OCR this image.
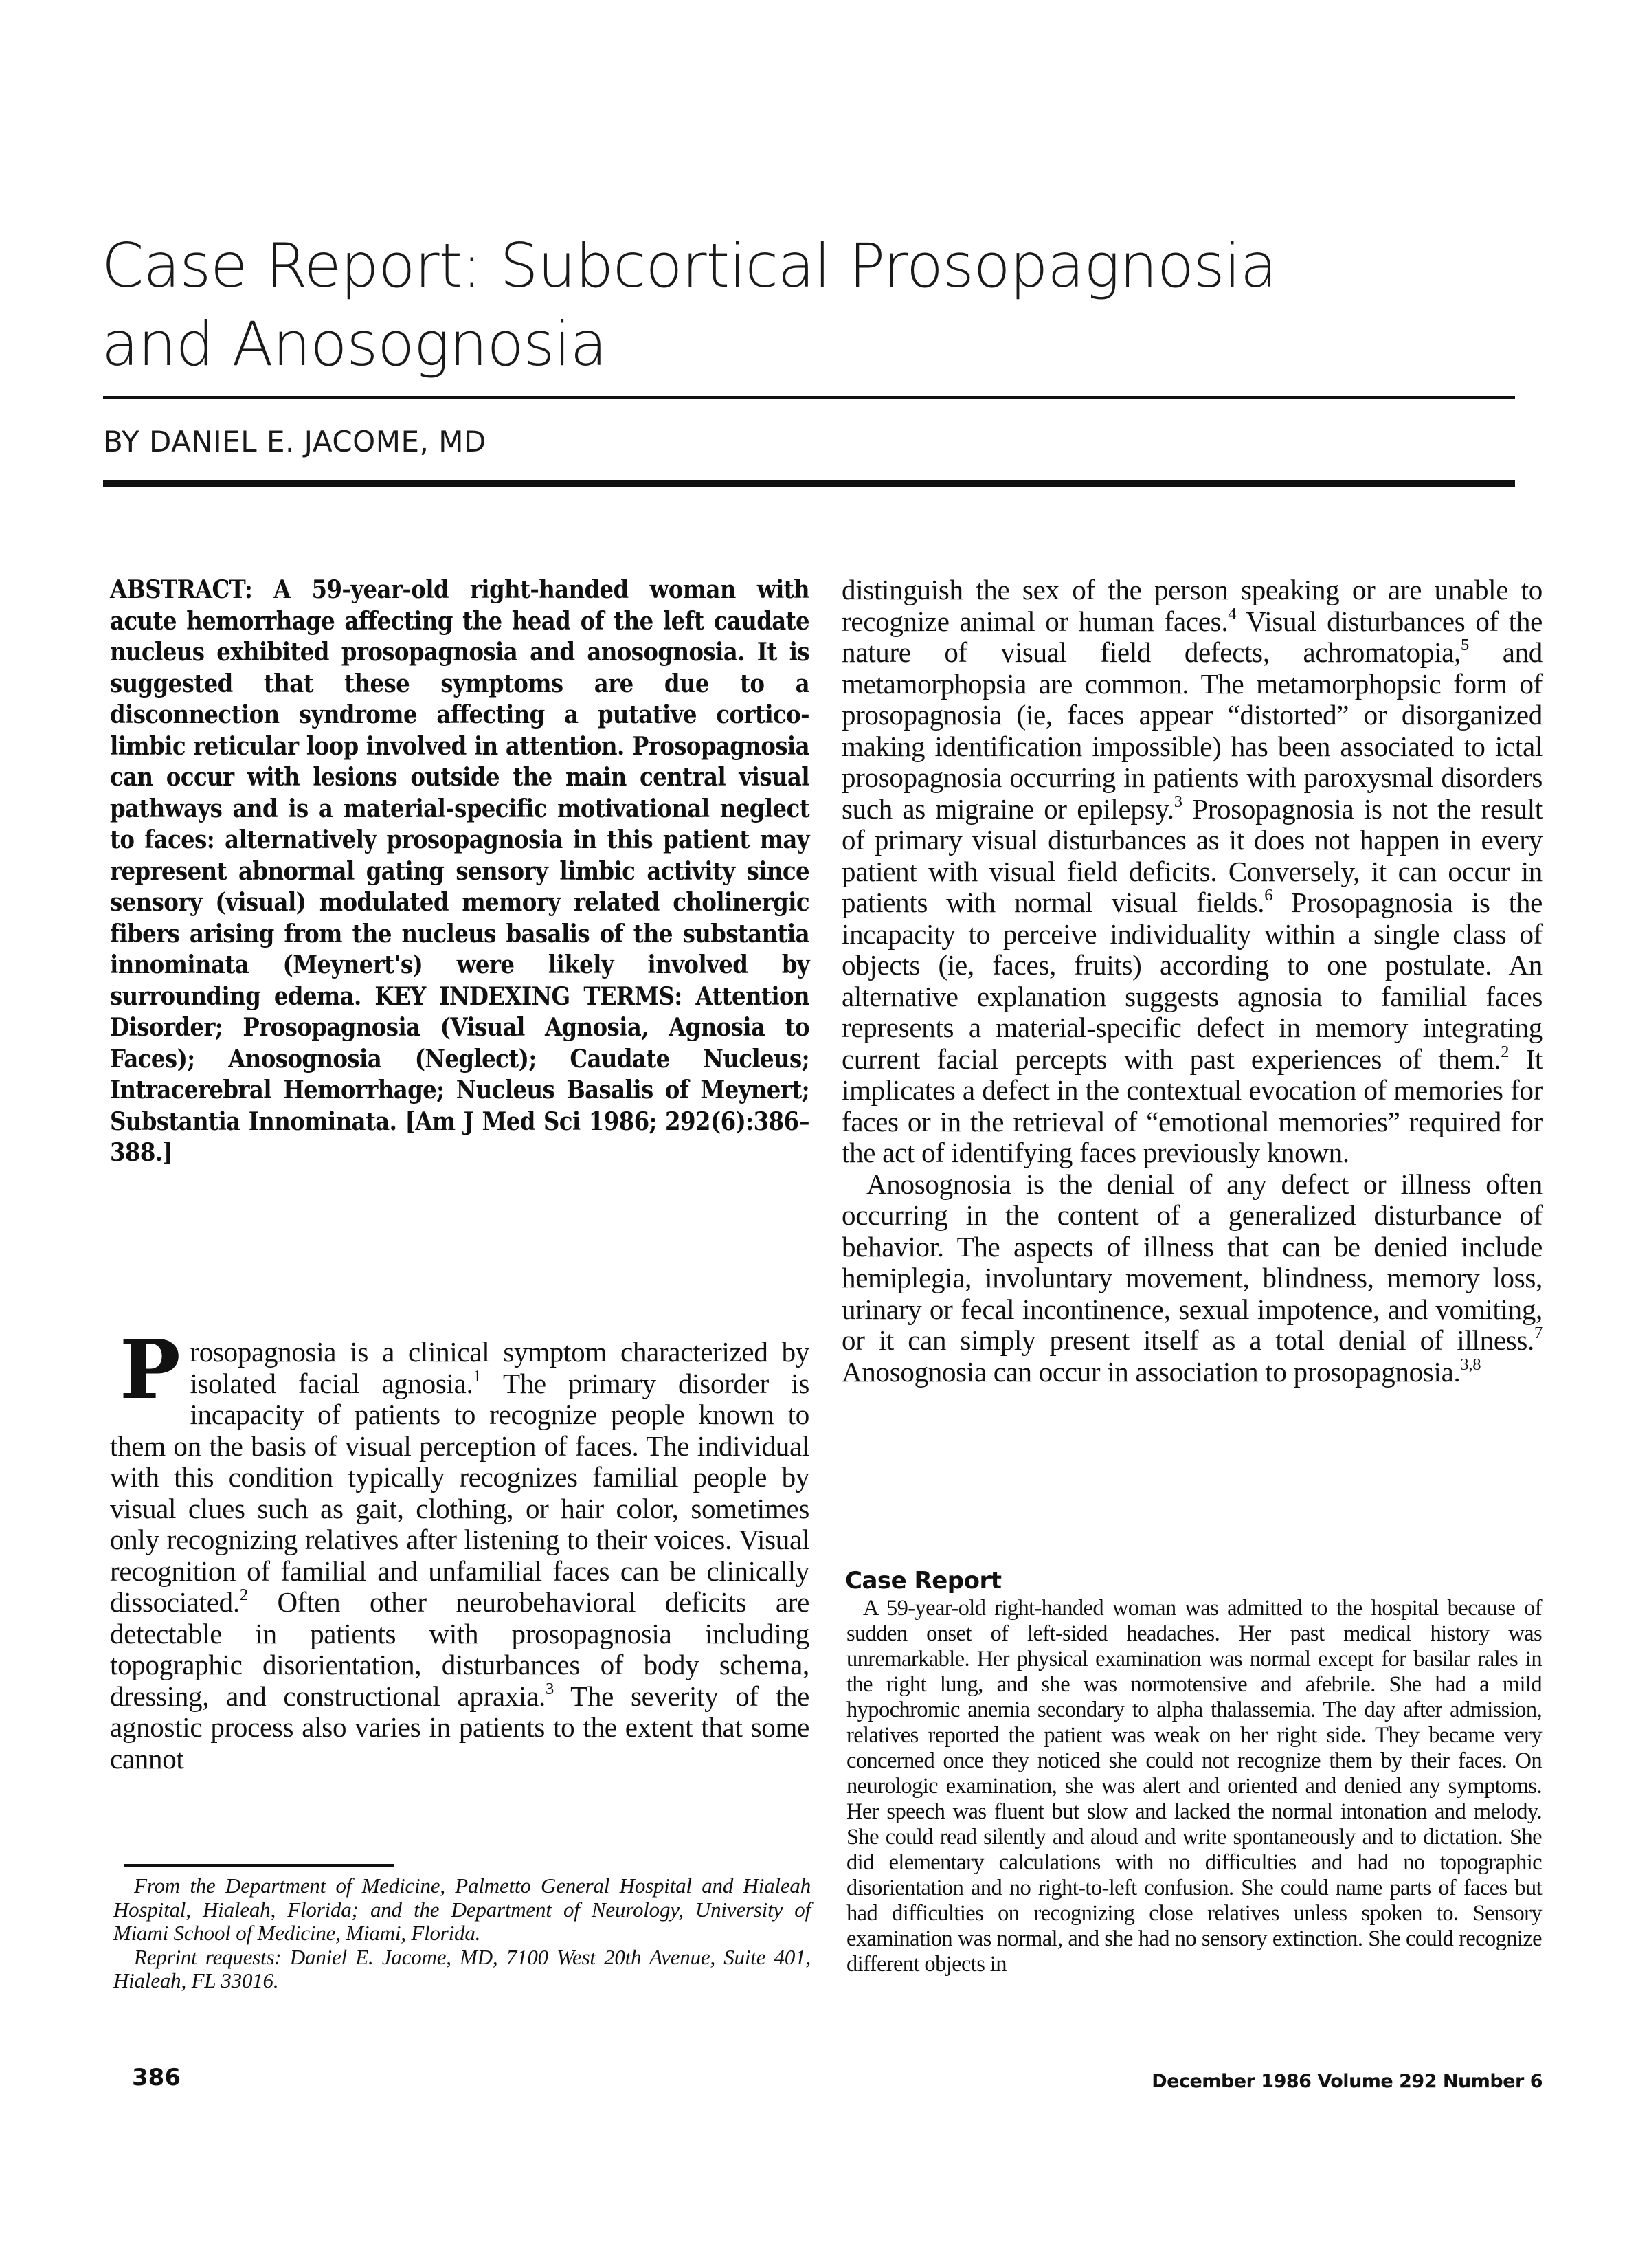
Case Report: Subcortical Prosopagnosia
and Anosognosia
BY DANIEL E. JACOME, MD
ABSTRACT: A 59-year-old right-handed woman with acute hemorrhage affecting the head of the left caudate nucleus exhibited prosopagnosia and anosognosia. It is suggested that these symptoms are due to a disconnection syndrome affecting a putative cortico-limbic reticular loop involved in attention. Prosopagnosia can occur with lesions outside the main central visual pathways and is a material-specific motivational neglect to faces: alternatively prosopagnosia in this patient may represent abnormal gating sensory limbic activity since sensory (visual) modulated memory related cholinergic fibers arising from the nucleus basalis of the substantia innominata (Meynert's) were likely involved by surrounding edema. KEY INDEXING TERMS: Attention Disorder; Prosopagnosia (Visual Agnosia, Agnosia to Faces); Anosognosia (Neglect); Caudate Nucleus; Intracerebral Hemorrhage; Nucleus Basalis of Meynert; Substantia Innominata. [Am J Med Sci 1986; 292(6):386–388.]

Prosopagnosia is a clinical symptom characterized by isolated facial agnosia.$^1$ The primary disorder is incapacity of patients to recognize people known to them on the basis of visual perception of faces. The individual with this condition typically recognizes familial people by visual clues such as gait, clothing, or hair color, sometimes only recognizing relatives after listening to their voices. Visual recognition of familial and unfamilial faces can be clinically dissociated.$^2$ Often other neurobehavioral deficits are detectable in patients with prosopagnosia including topographic disorientation, disturbances of body schema, dressing, and constructional apraxia.$^3$ The severity of the agnostic process also varies in patients to the extent that some cannot

From the Department of Medicine, Palmetto General Hospital and Hialeah Hospital, Hialeah, Florida; and the Department of Neurology, University of Miami School of Medicine, Miami, Florida.

Reprint requests: Daniel E. Jacome, MD, 7100 West 20th Avenue, Suite 401, Hialeah, FL 33016.

distinguish the sex of the person speaking or are unable to recognize animal or human faces.$^4$ Visual disturbances of the nature of visual field defects, achromatopia,$^5$ and metamorphopsia are common. The metamorphopsic form of prosopagnosia (ie, faces appear “distorted” or disorganized making identification impossible) has been associated to ictal prosopagnosia occurring in patients with paroxysmal disorders such as migraine or epilepsy.$^3$ Prosopagnosia is not the result of primary visual disturbances as it does not happen in every patient with visual field deficits. Conversely, it can occur in patients with normal visual fields.$^6$ Prosopagnosia is the incapacity to perceive individuality within a single class of objects (ie, faces, fruits) according to one postulate. An alternative explanation suggests agnosia to familial faces represents a material-specific defect in memory integrating current facial percepts with past experiences of them.$^2$ It implicates a defect in the contextual evocation of memories for faces or in the retrieval of “emotional memories” required for the act of identifying faces previously known.

Anosognosia is the denial of any defect or illness often occurring in the content of a generalized disturbance of behavior. The aspects of illness that can be denied include hemiplegia, involuntary movement, blindness, memory loss, urinary or fecal incontinence, sexual impotence, and vomiting, or it can simply present itself as a total denial of illness.$^7$ Anosognosia can occur in association to prosopagnosia.$^{3,8}$

Case Report

A 59-year-old right-handed woman was admitted to the hospital because of sudden onset of left-sided headaches. Her past medical history was unremarkable. Her physical examination was normal except for basilar rales in the right lung, and she was normotensive and afebrile. She had a mild hypochromic anemia secondary to alpha thalassemia. The day after admission, relatives reported the patient was weak on her right side. They became very concerned once they noticed she could not recognize them by their faces. On neurologic examination, she was alert and oriented and denied any symptoms. Her speech was fluent but slow and lacked the normal intonation and melody. She could read silently and aloud and write spontaneously and to dictation. She did elementary calculations with no difficulties and had no topographic disorientation and no right-to-left confusion. She could name parts of faces but had difficulties on recognizing close relatives unless spoken to. Sensory examination was normal, and she had no sensory extinction. She could recognize different objects in

386	December 1986 Volume 292 Number 6
